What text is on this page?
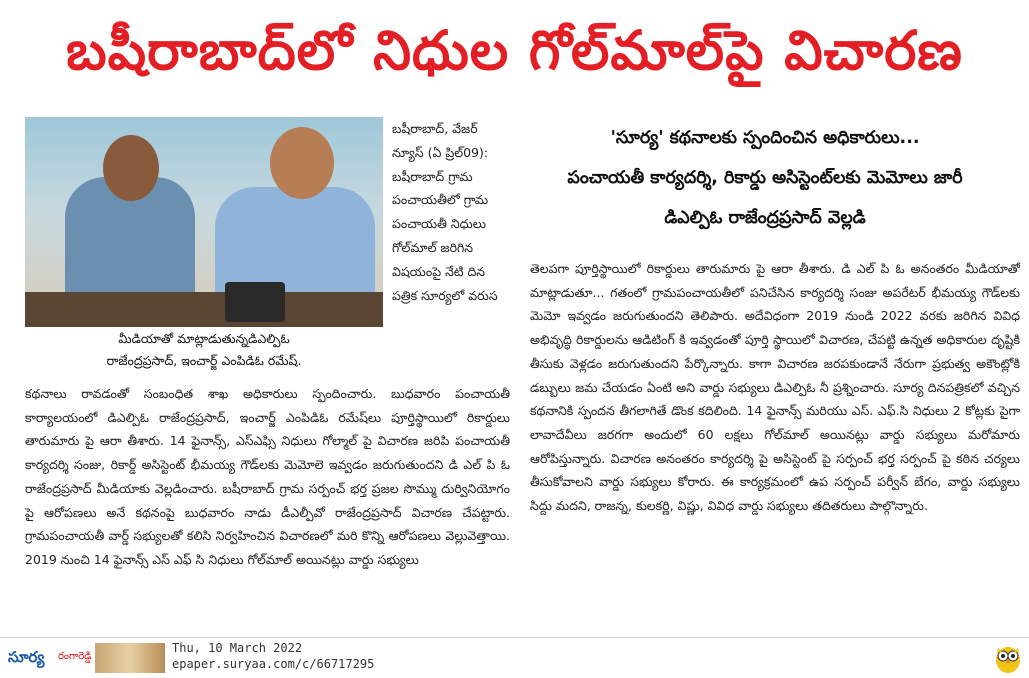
బషీరాబాద్‌లో నిధుల గోల్‌మాల్‌పై విచారణ
మీడియాతో మాట్లాడుతున్నడిఎల్పిఓ
రాజేంద్రప్రసాద్, ఇంచార్జ్ ఎంపిడిఓ రమేష్.
బషీరాబాద్, వేజర్ న్యూస్ (ఏ ప్రిల్09): బషీరాబాద్ గ్రామ పంచాయతీలో గ్రామ పంచాయతీ నిధులు గోల్‌మాల్ జరిగిన విషయంపై నేటి దిన పత్రిక సూర్యలో వరుస

కథనాలు రావడంతో సంబంధిత శాఖ అధికారులు స్పందించారు. బుధవారం పంచాయతీ కార్యాలయంలో డిఎల్పిఓ రాజేంద్రప్రసాద్, ఇంచార్జ్ ఎంపిడిఓ రమేష్‌లు పూర్తిస్థాయిలో రికార్డులు తారుమారు పై ఆరా తీశారు. 14 ఫైనాన్స్, ఎస్ఎఫ్సి నిధులు గోల్మాల్ పై విచారణ జరిపి పంచాయతీ కార్యదర్శి సంజు, రికార్డ్ అసిస్టెంట్ భీమయ్య గౌడ్‌లకు మెమోలె ఇవ్వడం జరుగుతుందని డి ఎల్ పి ఓ రాజేంద్రప్రసాద్ మీడియాకు వెల్లడించారు. బషీరాబాద్ గ్రామ సర్పంచ్ భర్త ప్రజల సొమ్ము దుర్వినియోగం పై ఆరోపణలు అనే కథనంపై బుధవారం నాడు డీఎల్పీవో రాజేంద్రప్రసాద్ విచారణ చేపట్టారు. గ్రామపంచాయతీ వార్డ్ సభ్యులతో కలిసి నిర్వహించిన విచారణలో మరి కొన్ని ఆరోపణలు వెల్లువెత్తాయి. 2019 నుంచి 14 ఫైనాన్స్ ఎస్ ఎఫ్ సి నిధులు గోల్‌మాల్ అయినట్లు వార్డు సభ్యులు

'సూర్య' కథనాలకు స్పందించిన అధికారులు...
పంచాయతీ కార్యదర్శి, రికార్డు అసిస్టెంట్‌లకు మెమోలు జారీ
డిఎల్పిఓ రాజేంద్రప్రసాద్ వెల్లడి

తెలపగా పూర్తిస్థాయిలో రికార్డులు తారుమారు పై ఆరా తీశారు. డి ఎల్ పి ఓ అనంతరం మీడియాతో మాట్లాడుతూ... గతంలో గ్రామపంచాయతీలో పనిచేసిన కార్యదర్శి సంజు అపరేటర్ భీమయ్య గౌడ్‌లకు మెమో ఇవ్వడం జరుగుతుందని తెలిపారు. అదేవిధంగా 2019 నుండి 2022 వరకు జరిగిన వివిధ అభివృద్ధి రికార్డులను ఆడిటింగ్ కి ఇవ్వడంతో పూర్తి స్థాయిలో విచారణ, చేపట్టి ఉన్నత అధికారుల దృష్టికి తీసుకు వెళ్లడం జరుగుతుందని పేర్కొన్నారు. కాగా విచారణ జరపకుండానే నేరుగా ప్రభుత్వ అకౌంట్లోకి డబ్బులు జమ చేయడం ఏంటి అని వార్డు సభ్యులు డిఎల్పిఓ నీ ప్రశ్నించారు. సూర్య దినపత్రికలో వచ్చిన కథనానికి స్పందన తీగలాగితే డొంక కదిలింది. 14 ఫైనాన్స్ మరియు ఎస్. ఎఫ్.సి నిధులు 2 కోట్లకు పైగా లావాదేవీలు జరగగా అందులో 60 లక్షలు గోల్‌మాల్ అయినట్లు వార్డు సభ్యులు మరోమారు ఆరోపిస్తున్నారు. విచారణ అనంతరం కార్యదర్శి పై అసిస్టెంట్ పై సర్పంచ్ భర్త సర్పంచ్ పై కఠిన చర్యలు తీసుకోవాలని వార్డు సభ్యులు కోరారు. ఈ కార్యక్రమంలో ఉప సర్పంచ్ పర్వీన్ బేగం, వార్డు సభ్యులు సిద్దు మదని, రాజన్న, కులకర్ణి, విష్ణు, వివిధ వార్డు సభ్యులు తదితరులు పాల్గొన్నారు.

సూర్య రంగారెడ్డి
Thu, 10 March 2022
epaper.suryaa.com/c/66717295
